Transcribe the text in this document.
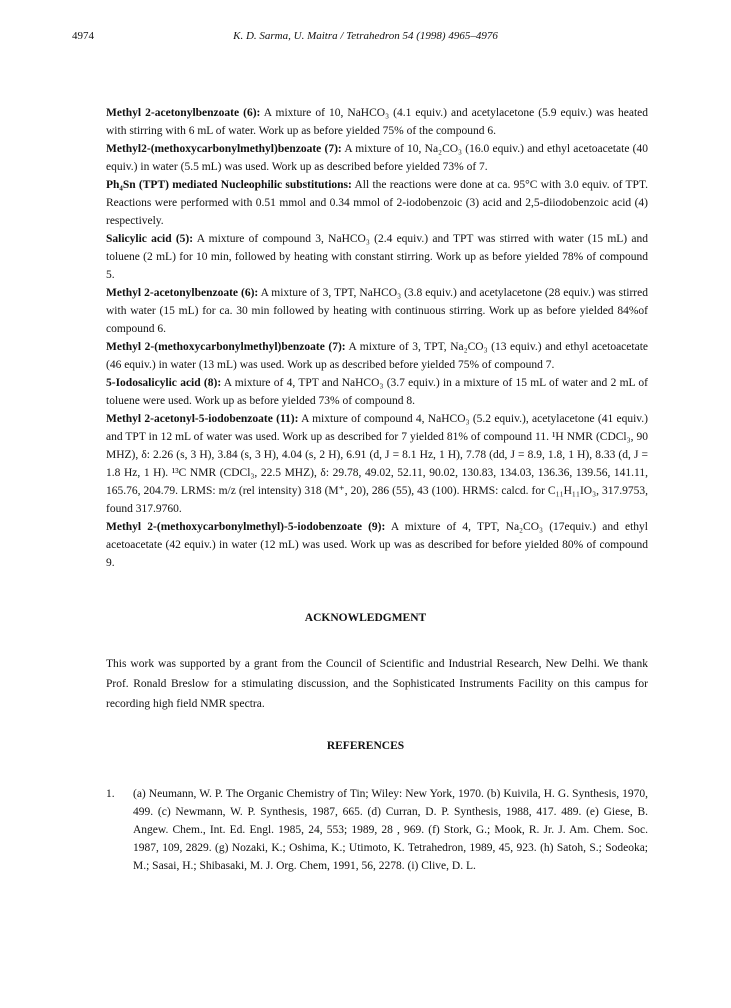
4974	K. D. Sarma, U. Maitra / Tetrahedron 54 (1998) 4965–4976

Methyl 2-acetonylbenzoate (6): A mixture of 10, NaHCO₃ (4.1 equiv.) and acetylacetone (5.9 equiv.) was heated with stirring with 6 mL of water. Work up as before yielded 75% of the compound 6.

Methyl2-(methoxycarbonylmethyl)benzoate (7): A mixture of 10, Na₂CO₃ (16.0 equiv.) and ethyl acetoacetate (40 equiv.) in water (5.5 mL) was used. Work up as described before yielded 73% of 7.

Ph₄Sn (TPT) mediated Nucleophilic substitutions: All the reactions were done at ca. 95°C with 3.0 equiv. of TPT. Reactions were performed with 0.51 mmol and 0.34 mmol of 2-iodobenzoic (3) acid and 2,5-diiodobenzoic acid (4) respectively.

Salicylic acid (5): A mixture of compound 3, NaHCO₃ (2.4 equiv.) and TPT was stirred with water (15 mL) and toluene (2 mL) for 10 min, followed by heating with constant stirring. Work up as before yielded 78% of compound 5.

Methyl 2-acetonylbenzoate (6): A mixture of 3, TPT, NaHCO₃ (3.8 equiv.) and acetylacetone (28 equiv.) was stirred with water (15 mL) for ca. 30 min followed by heating with continuous stirring. Work up as before yielded 84%of compound 6.

Methyl 2-(methoxycarbonylmethyl)benzoate (7): A mixture of 3, TPT, Na₂CO₃ (13 equiv.) and ethyl acetoacetate (46 equiv.) in water (13 mL) was used. Work up as described before yielded 75% of compound 7.

5-Iodosalicylic acid (8): A mixture of 4, TPT and NaHCO₃ (3.7 equiv.) in a mixture of 15 mL of water and 2 mL of toluene were used. Work up as before yielded 73% of compound 8.

Methyl 2-acetonyl-5-iodobenzoate (11): A mixture of compound 4, NaHCO₃ (5.2 equiv.), acetylacetone (41 equiv.) and TPT in 12 mL of water was used. Work up as described for 7 yielded 81% of compound 11. ¹H NMR (CDCl₃, 90 MHZ), δ: 2.26 (s, 3 H), 3.84 (s, 3 H), 4.04 (s, 2 H), 6.91 (d, J = 8.1 Hz, 1 H), 7.78 (dd, J = 8.9, 1.8, 1 H), 8.33 (d, J = 1.8 Hz, 1 H). ¹³C NMR (CDCl₃, 22.5 MHZ), δ: 29.78, 49.02, 52.11, 90.02, 130.83, 134.03, 136.36, 139.56, 141.11, 165.76, 204.79. LRMS: m/z (rel intensity) 318 (M⁺, 20), 286 (55), 43 (100). HRMS: calcd. for C₁₁H₁₁IO₃, 317.9753, found 317.9760.

Methyl 2-(methoxycarbonylmethyl)-5-iodobenzoate (9): A mixture of 4, TPT, Na₂CO₃ (17equiv.) and ethyl acetoacetate (42 equiv.) in water (12 mL) was used. Work up was as described for before yielded 80% of compound 9.

ACKNOWLEDGMENT
This work was supported by a grant from the Council of Scientific and Industrial Research, New Delhi. We thank Prof. Ronald Breslow for a stimulating discussion, and the Sophisticated Instruments Facility on this campus for recording high field NMR spectra.
REFERENCES
1. (a) Neumann, W. P. The Organic Chemistry of Tin; Wiley: New York, 1970. (b) Kuivila, H. G. Synthesis, 1970, 499. (c) Newmann, W. P. Synthesis, 1987, 665. (d) Curran, D. P. Synthesis, 1988, 417. 489. (e) Giese, B. Angew. Chem., Int. Ed. Engl. 1985, 24, 553; 1989, 28 , 969. (f) Stork, G.; Mook, R. Jr. J. Am. Chem. Soc. 1987, 109, 2829. (g) Nozaki, K.; Oshima, K.; Utimoto, K. Tetrahedron, 1989, 45, 923. (h) Satoh, S.; Sodeoka; M.; Sasai, H.; Shibasaki, M. J. Org. Chem, 1991, 56, 2278. (i) Clive, D. L.
